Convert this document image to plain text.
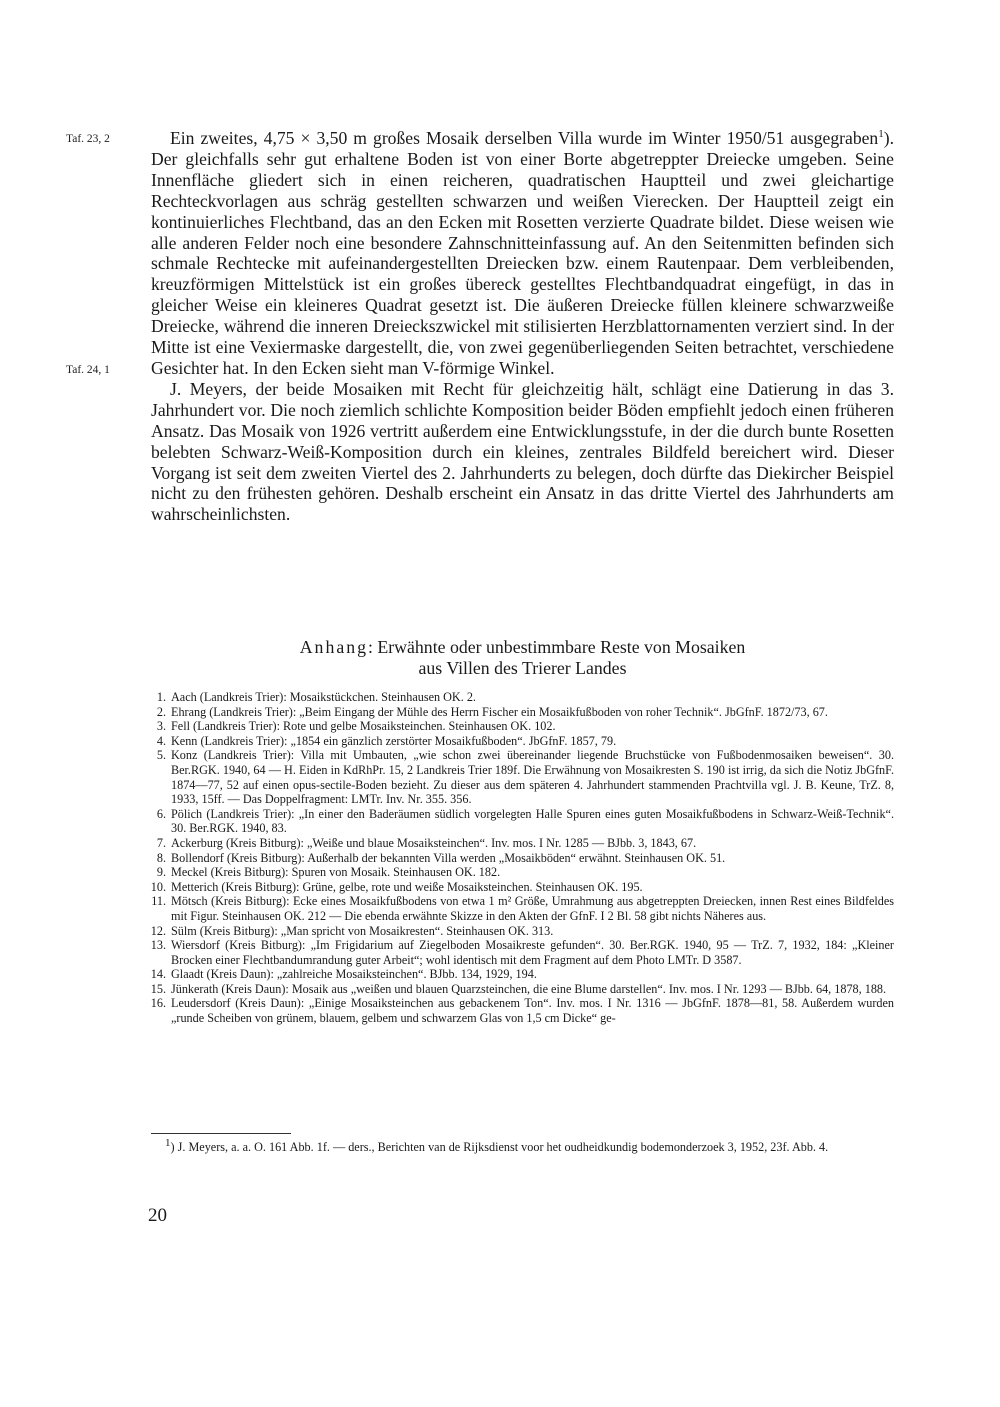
Taf. 23, 2
Taf. 24, 1

Ein zweites, 4,75 × 3,50 m großes Mosaik derselben Villa wurde im Winter 1950/51 ausgegraben$^1$). Der gleichfalls sehr gut erhaltene Boden ist von einer Borte abgetreppter Dreiecke umgeben. Seine Innenfläche gliedert sich in einen reicheren, quadratischen Hauptteil und zwei gleichartige Rechteckvorlagen aus schräg gestellten schwarzen und weißen Vierecken. Der Hauptteil zeigt ein kontinuierliches Flechtband, das an den Ecken mit Rosetten verzierte Quadrate bildet. Diese weisen wie alle anderen Felder noch eine besondere Zahnschnitteinfassung auf. An den Seitenmitten befinden sich schmale Rechtecke mit aufeinandergestellten Dreiecken bzw. einem Rautenpaar. Dem verbleibenden, kreuzförmigen Mittelstück ist ein großes übereck gestelltes Flechtbandquadrat eingefügt, in das in gleicher Weise ein kleineres Quadrat gesetzt ist. Die äußeren Dreiecke füllen kleinere schwarzweiße Dreiecke, während die inneren Dreieckszwickel mit stilisierten Herzblattornamenten verziert sind. In der Mitte ist eine Vexiermaske dargestellt, die, von zwei gegenüberliegenden Seiten betrachtet, verschiedene Gesichter hat. In den Ecken sieht man V-förmige Winkel.

J. Meyers, der beide Mosaiken mit Recht für gleichzeitig hält, schlägt eine Datierung in das 3. Jahrhundert vor. Die noch ziemlich schlichte Komposition beider Böden empfiehlt jedoch einen früheren Ansatz. Das Mosaik von 1926 vertritt außerdem eine Entwicklungsstufe, in der die durch bunte Rosetten belebten Schwarz-Weiß-Komposition durch ein kleines, zentrales Bildfeld bereichert wird. Dieser Vorgang ist seit dem zweiten Viertel des 2. Jahrhunderts zu belegen, doch dürfte das Diekircher Beispiel nicht zu den frühesten gehören. Deshalb erscheint ein Ansatz in das dritte Viertel des Jahrhunderts am wahrscheinlichsten.

Anhang: Erwähnte oder unbestimmbare Reste von Mosaiken
aus Villen des Trierer Landes
1. Aach (Landkreis Trier): Mosaikstückchen. Steinhausen OK. 2.
2. Ehrang (Landkreis Trier): „Beim Eingang der Mühle des Herrn Fischer ein Mosaikfußboden von roher Technik“. JbGfnF. 1872/73, 67.
3. Fell (Landkreis Trier): Rote und gelbe Mosaiksteinchen. Steinhausen OK. 102.
4. Kenn (Landkreis Trier): „1854 ein gänzlich zerstörter Mosaikfußboden“. JbGfnF. 1857, 79.
5. Konz (Landkreis Trier): Villa mit Umbauten, „wie schon zwei übereinander liegende Bruchstücke von Fußbodenmosaiken beweisen“. 30. Ber.RGK. 1940, 64 — H. Eiden in KdRhPr. 15, 2 Landkreis Trier 189f. Die Erwähnung von Mosaikresten S. 190 ist irrig, da sich die Notiz JbGfnF. 1874—77, 52 auf einen opus-sectile-Boden bezieht. Zu dieser aus dem späteren 4. Jahrhundert stammenden Prachtvilla vgl. J. B. Keune, TrZ. 8, 1933, 15ff. — Das Doppelfragment: LMTr. Inv. Nr. 355. 356.
6. Pölich (Landkreis Trier): „In einer den Baderäumen südlich vorgelegten Halle Spuren eines guten Mosaikfußbodens in Schwarz-Weiß-Technik“. 30. Ber.RGK. 1940, 83.
7. Ackerburg (Kreis Bitburg): „Weiße und blaue Mosaiksteinchen“. Inv. mos. I Nr. 1285 — BJbb. 3, 1843, 67.
8. Bollendorf (Kreis Bitburg): Außerhalb der bekannten Villa werden „Mosaikböden“ erwähnt. Steinhausen OK. 51.
9. Meckel (Kreis Bitburg): Spuren von Mosaik. Steinhausen OK. 182.
10. Metterich (Kreis Bitburg): Grüne, gelbe, rote und weiße Mosaiksteinchen. Steinhausen OK. 195.
11. Mötsch (Kreis Bitburg): Ecke eines Mosaikfußbodens von etwa 1 m² Größe, Umrahmung aus abgetreppten Dreiecken, innen Rest eines Bildfeldes mit Figur. Steinhausen OK. 212 — Die ebenda erwähnte Skizze in den Akten der GfnF. I 2 Bl. 58 gibt nichts Näheres aus.
12. Sülm (Kreis Bitburg): „Man spricht von Mosaikresten“. Steinhausen OK. 313.
13. Wiersdorf (Kreis Bitburg): „Im Frigidarium auf Ziegelboden Mosaikreste gefunden“. 30. Ber.RGK. 1940, 95 — TrZ. 7, 1932, 184: „Kleiner Brocken einer Flechtbandumrandung guter Arbeit“; wohl identisch mit dem Fragment auf dem Photo LMTr. D 3587.
14. Glaadt (Kreis Daun): „zahlreiche Mosaiksteinchen“. BJbb. 134, 1929, 194.
15. Jünkerath (Kreis Daun): Mosaik aus „weißen und blauen Quarzsteinchen, die eine Blume darstellen“. Inv. mos. I Nr. 1293 — BJbb. 64, 1878, 188.
16. Leudersdorf (Kreis Daun): „Einige Mosaiksteinchen aus gebackenem Ton“. Inv. mos. I Nr. 1316 — JbGfnF. 1878—81, 58. Außerdem wurden „runde Scheiben von grünem, blauem, gelbem und schwarzem Glas von 1,5 cm Dicke“ ge-
$^1$) J. Meyers, a. a. O. 161 Abb. 1f. — ders., Berichten van de Rijksdienst voor het oudheidkundig bodemonderzoek 3, 1952, 23f. Abb. 4.
20
